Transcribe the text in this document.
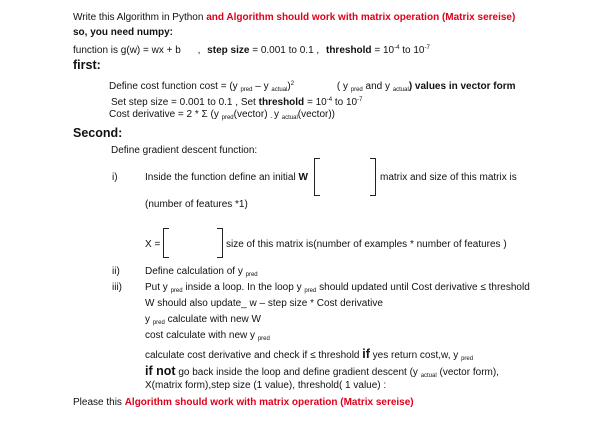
Write this Algorithm in Python and Algorithm should work with matrix operation (Matrix sereise)
so, you need numpy:
function is g(w) = wx + b , step size = 0.001 to 0.1 , threshold = $10^{-4}$ to $10^{-7}$
first:
Define cost function cost = (y $_{pred}$ – y $_{actual}$)$^2$	( y $_{pred}$ and y $_{actual}$) values in vector form
Set step size = 0.001 to 0.1 , Set threshold = $10^{-4}$ to $10^{-7}$
Cost derivative = 2 * Σ (y $_{pred}$(vector) $_-$ y $_{actual}$(vector))
Second:
Define gradient descent function:
i)	Inside the function define an initial W	matrix and size of this matrix is
(number of features *1)
X =	size of this matrix is(number of examples * number of features )
ii)	Define calculation of y $_{pred}$
iii) Put y $_{pred}$ inside a loop. In the loop y $_{pred}$ should updated until Cost derivative ≤ threshold
W should also update_ w – step size * Cost derivative
y $_{pred}$ calculate with new W
cost calculate with new y $_{pred}$
calculate cost derivative and check if ≤ threshold if yes return cost,w, y $_{pred}$
if not go back inside the loop and define gradient descent (y $_{actual}$ (vector form),
X(matrix form),step size (1 value), threshold( 1 value) :
Please this Algorithm should work with matrix operation (Matrix sereise)
